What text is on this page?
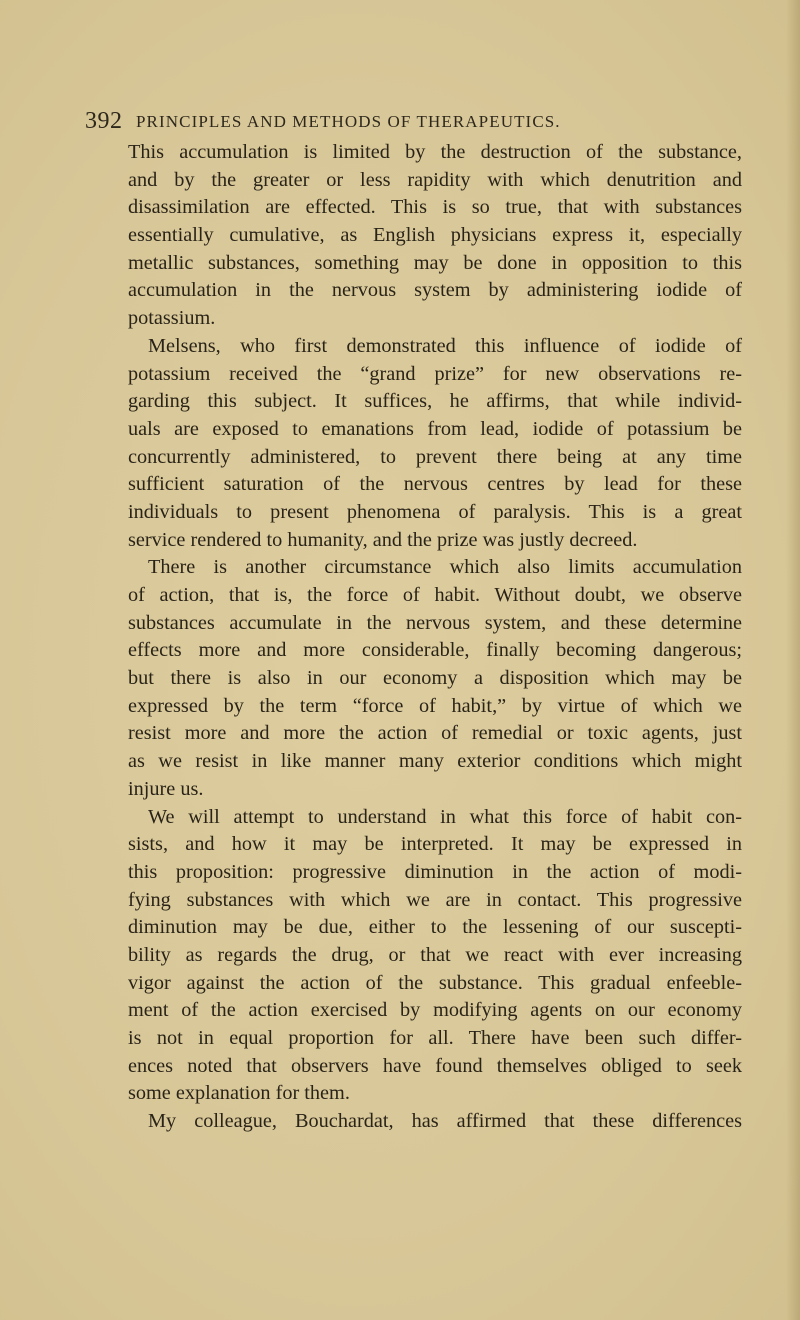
392 PRINCIPLES AND METHODS OF THERAPEUTICS.
This accumulation is limited by the destruction of the substance,
and by the greater or less rapidity with which denutrition and
disassimilation are effected. This is so true, that with substances
essentially cumulative, as English physicians express it, especially
metallic substances, something may be done in opposition to this
accumulation in the nervous system by administering iodide of
potassium.
Melsens, who first demonstrated this influence of iodide of
potassium received the “grand prize” for new observations re-
garding this subject. It suffices, he affirms, that while individ-
uals are exposed to emanations from lead, iodide of potassium be
concurrently administered, to prevent there being at any time
sufficient saturation of the nervous centres by lead for these
individuals to present phenomena of paralysis. This is a great
service rendered to humanity, and the prize was justly decreed.
There is another circumstance which also limits accumulation
of action, that is, the force of habit. Without doubt, we observe
substances accumulate in the nervous system, and these determine
effects more and more considerable, finally becoming dangerous;
but there is also in our economy a disposition which may be
expressed by the term “force of habit,” by virtue of which we
resist more and more the action of remedial or toxic agents, just
as we resist in like manner many exterior conditions which might
injure us.
We will attempt to understand in what this force of habit con-
sists, and how it may be interpreted. It may be expressed in
this proposition: progressive diminution in the action of modi-
fying substances with which we are in contact. This progressive
diminution may be due, either to the lessening of our suscepti-
bility as regards the drug, or that we react with ever increasing
vigor against the action of the substance. This gradual enfeeble-
ment of the action exercised by modifying agents on our economy
is not in equal proportion for all. There have been such differ-
ences noted that observers have found themselves obliged to seek
some explanation for them.
My colleague, Bouchardat, has affirmed that these differences
